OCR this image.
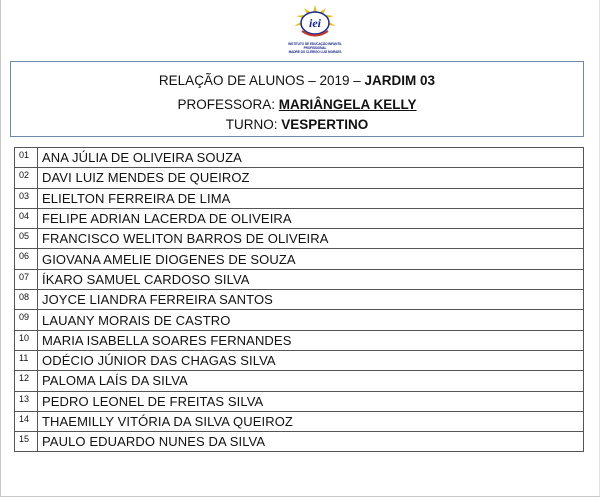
iei
INSTITUTO DE EDUCAÇÃO INFANTIL PROFISSIONAL
MADRE DO CLÉRIGO LUIZ MORAES
RELAÇÃO DE ALUNOS – 2019 – JARDIM 03
PROFESSORA: MARIÂNGELA KELLY
TURNO: VESPERTINO
01	ANA JÚLIA DE OLIVEIRA SOUZA
02	DAVI LUIZ MENDES DE QUEIROZ
03	ELIELTON FERREIRA DE LIMA
04	FELIPE ADRIAN LACERDA DE OLIVEIRA
05	FRANCISCO WELITON BARROS DE OLIVEIRA
06	GIOVANA AMELIE DIOGENES DE SOUZA
07	ÍKARO SAMUEL CARDOSO SILVA
08	JOYCE LIANDRA FERREIRA SANTOS
09	LAUANY MORAIS DE CASTRO
10	MARIA ISABELLA SOARES FERNANDES
11	ODÉCIO JÚNIOR DAS CHAGAS SILVA
12	PALOMA LAÍS DA SILVA
13	PEDRO LEONEL DE FREITAS SILVA
14	THAEMILLY VITÓRIA DA SILVA QUEIROZ
15	PAULO EDUARDO NUNES DA SILVA
